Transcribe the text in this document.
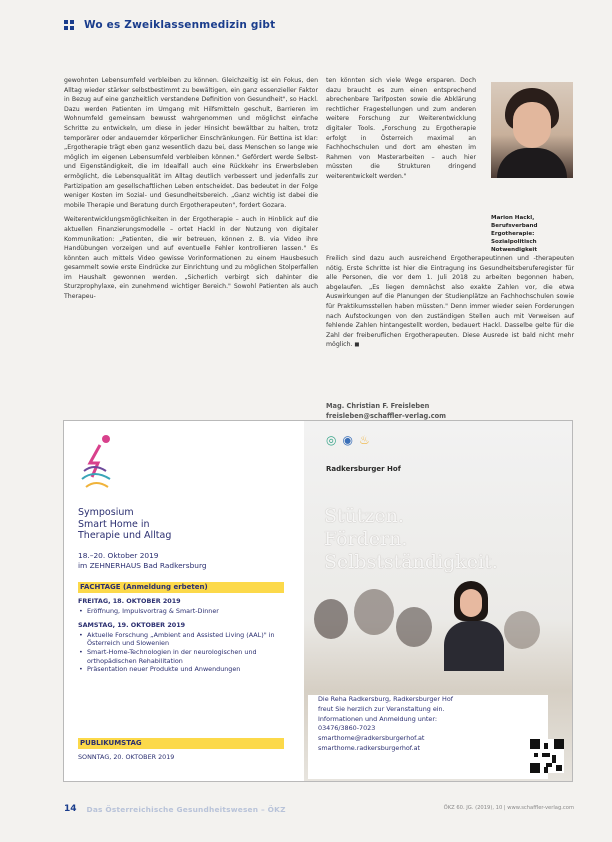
Wo es Zweiklassenmedizin gibt

gewohnten Lebensumfeld verbleiben zu können. Gleichzeitig ist ein Fokus, den Alltag wieder stärker selbstbestimmt zu bewältigen, ein ganz essenzieller Faktor in Bezug auf eine ganzheitlich verstandene Definition von Gesundheit", so Hackl. Dazu werden Patienten im Umgang mit Hilfsmitteln geschult, Barrieren im Wohnumfeld gemeinsam bewusst wahrgenommen und möglichst einfache Schritte zu entwickeln, um diese in jeder Hinsicht bewältbar zu halten, trotz temporärer oder andauernder körperlicher Einschränkungen. Für Bettina ist klar: „Ergotherapie trägt eben ganz wesentlich dazu bei, dass Menschen so lange wie möglich im eigenen Lebensumfeld verbleiben können." Gefördert werde Selbst- und Eigenständigkeit, die im Idealfall auch eine Rückkehr ins Erwerbsleben ermöglicht, die Lebensqualität im Alltag deutlich verbessert und jedenfalls zur Partizipation am gesellschaftlichen Leben entscheidet. Das bedeutet in der Folge weniger Kosten im Sozial- und Gesundheitsbereich. „Ganz wichtig ist dabei die mobile Therapie und Beratung durch Ergotherapeuten", fordert Gozara.

Weiterentwicklungsmöglichkeiten in der Ergotherapie – auch in Hinblick auf die aktuellen Finanzierungsmodelle – ortet Hackl in der Nutzung von digitaler Kommunikation: „Patienten, die wir betreuen, können z. B. via Video ihre Handübungen vorzeigen und auf eventuelle Fehler kontrollieren lassen." Es könnten auch mittels Video gewisse Vorinformationen zu einem Hausbesuch gesammelt sowie erste Eindrücke zur Einrichtung und zu möglichen Stolperfallen im Haushalt gewonnen werden. „Sicherlich verbirgt sich dahinter die Sturzprophylaxe, ein zunehmend wichtiger Bereich." Sowohl Patienten als auch Therapeu-

ten könnten sich viele Wege ersparen. Doch dazu braucht es zum einen entsprechend abrechenbare Tarifposten sowie die Abklärung rechtlicher Fragestellungen und zum anderen weitere Forschung zur Weiterentwicklung digitaler Tools. „Forschung zu Ergotherapie erfolgt in Österreich maximal an Fachhochschulen und dort am ehesten im Rahmen von Masterarbeiten – auch hier müssten die Strukturen dringend weiterentwickelt werden."

Freilich sind dazu auch ausreichend Ergotherapeutinnen und -therapeuten nötig. Erste Schritte ist hier die Eintragung ins Gesundheitsberuferegister für alle Personen, die vor dem 1. Juli 2018 zu arbeiten begonnen haben, abgelaufen. „Es liegen demnächst also exakte Zahlen vor, die etwa Auswirkungen auf die Planungen der Studienplätze an Fachhochschulen sowie für Praktikumsstellen haben müssten." Denn immer wieder seien Forderungen nach Aufstockungen von den zuständigen Stellen auch mit Verweisen auf fehlende Zahlen hintangestellt worden, bedauert Hackl. Dasselbe gelte für die Zahl der freiberuflichen Ergotherapeuten. Diese Ausrede ist bald nicht mehr möglich. ◼

Marion Hackl,
Berufsverband
Ergotherapie:
Sozialpolitisch
Notwendigkeit
Mag. Christian F. Freisleben
freisleben@schaffler-verlag.com
Symposium
Smart Home in
Therapie und Alltag
18.–20. Oktober 2019
im ZEHNERHAUS Bad Radkersburg
FACHTAGE (Anmeldung erbeten)
FREITAG, 18. OKTOBER 2019
• Eröffnung, Impulsvortrag & Smart-Dinner
SAMSTAG, 19. OKTOBER 2019
• Aktuelle Forschung „Ambient and Assisted Living (AAL)" in Österreich und Slowenien
• Smart-Home-Technologien in der neurologischen und orthopädischen Rehabilitation
• Präsentation neuer Produkte und Anwendungen
PUBLIKUMSTAG
SONNTAG, 20. OKTOBER 2019
◎ ◉ ♨
Radkersburger Hof
Stützen.
Fördern.
Selbstständigkeit.
Die Reha Radkersburg, Radkersburger Hof
freut Sie herzlich zur Veranstaltung ein.
Informationen und Anmeldung unter:
03476/3860-7023
smarthome@radkersburgerhof.at
smarthome.radkersburgerhof.at
14 Das Österreichische Gesundheitswesen – ÖKZ	ÖKZ 60. JG. (2019), 10 | www.schaffler-verlag.com
